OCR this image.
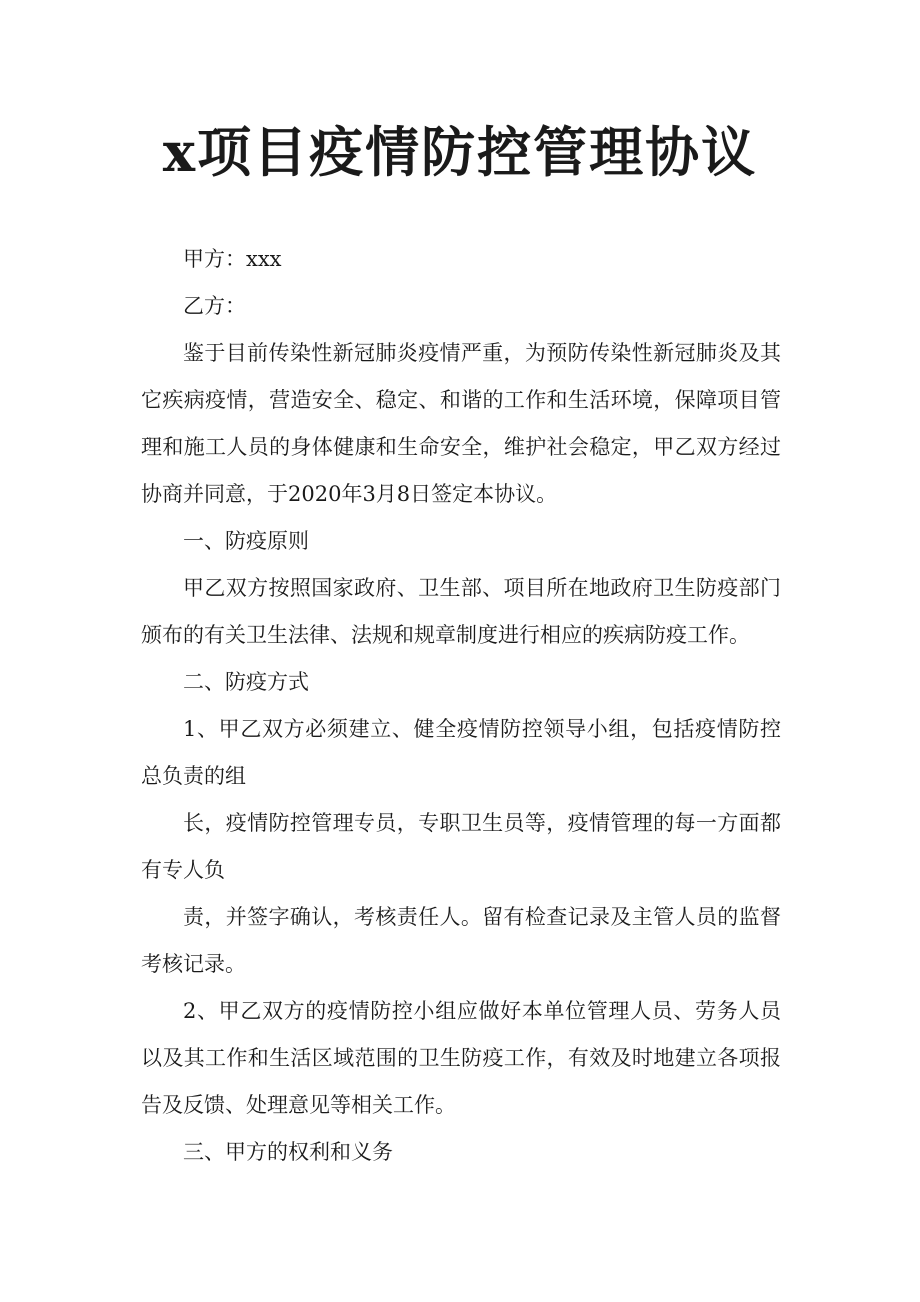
x项目疫情防控管理协议

甲方：xxx

乙方：

鉴于目前传染性新冠肺炎疫情严重，为预防传染性新冠肺炎及其它疾病疫情，营造安全、稳定、和谐的工作和生活环境，保障项目管理和施工人员的身体健康和生命安全，维护社会稳定，甲乙双方经过协商并同意，于2020年3月8日签定本协议。

一、防疫原则

甲乙双方按照国家政府、卫生部、项目所在地政府卫生防疫部门颁布的有关卫生法律、法规和规章制度进行相应的疾病防疫工作。

二、防疫方式

1、甲乙双方必须建立、健全疫情防控领导小组，包括疫情防控总负责的组

长，疫情防控管理专员，专职卫生员等，疫情管理的每一方面都有专人负

责，并签字确认，考核责任人。留有检查记录及主管人员的监督考核记录。

2、甲乙双方的疫情防控小组应做好本单位管理人员、劳务人员以及其工作和生活区域范围的卫生防疫工作，有效及时地建立各项报告及反馈、处理意见等相关工作。

三、甲方的权利和义务
